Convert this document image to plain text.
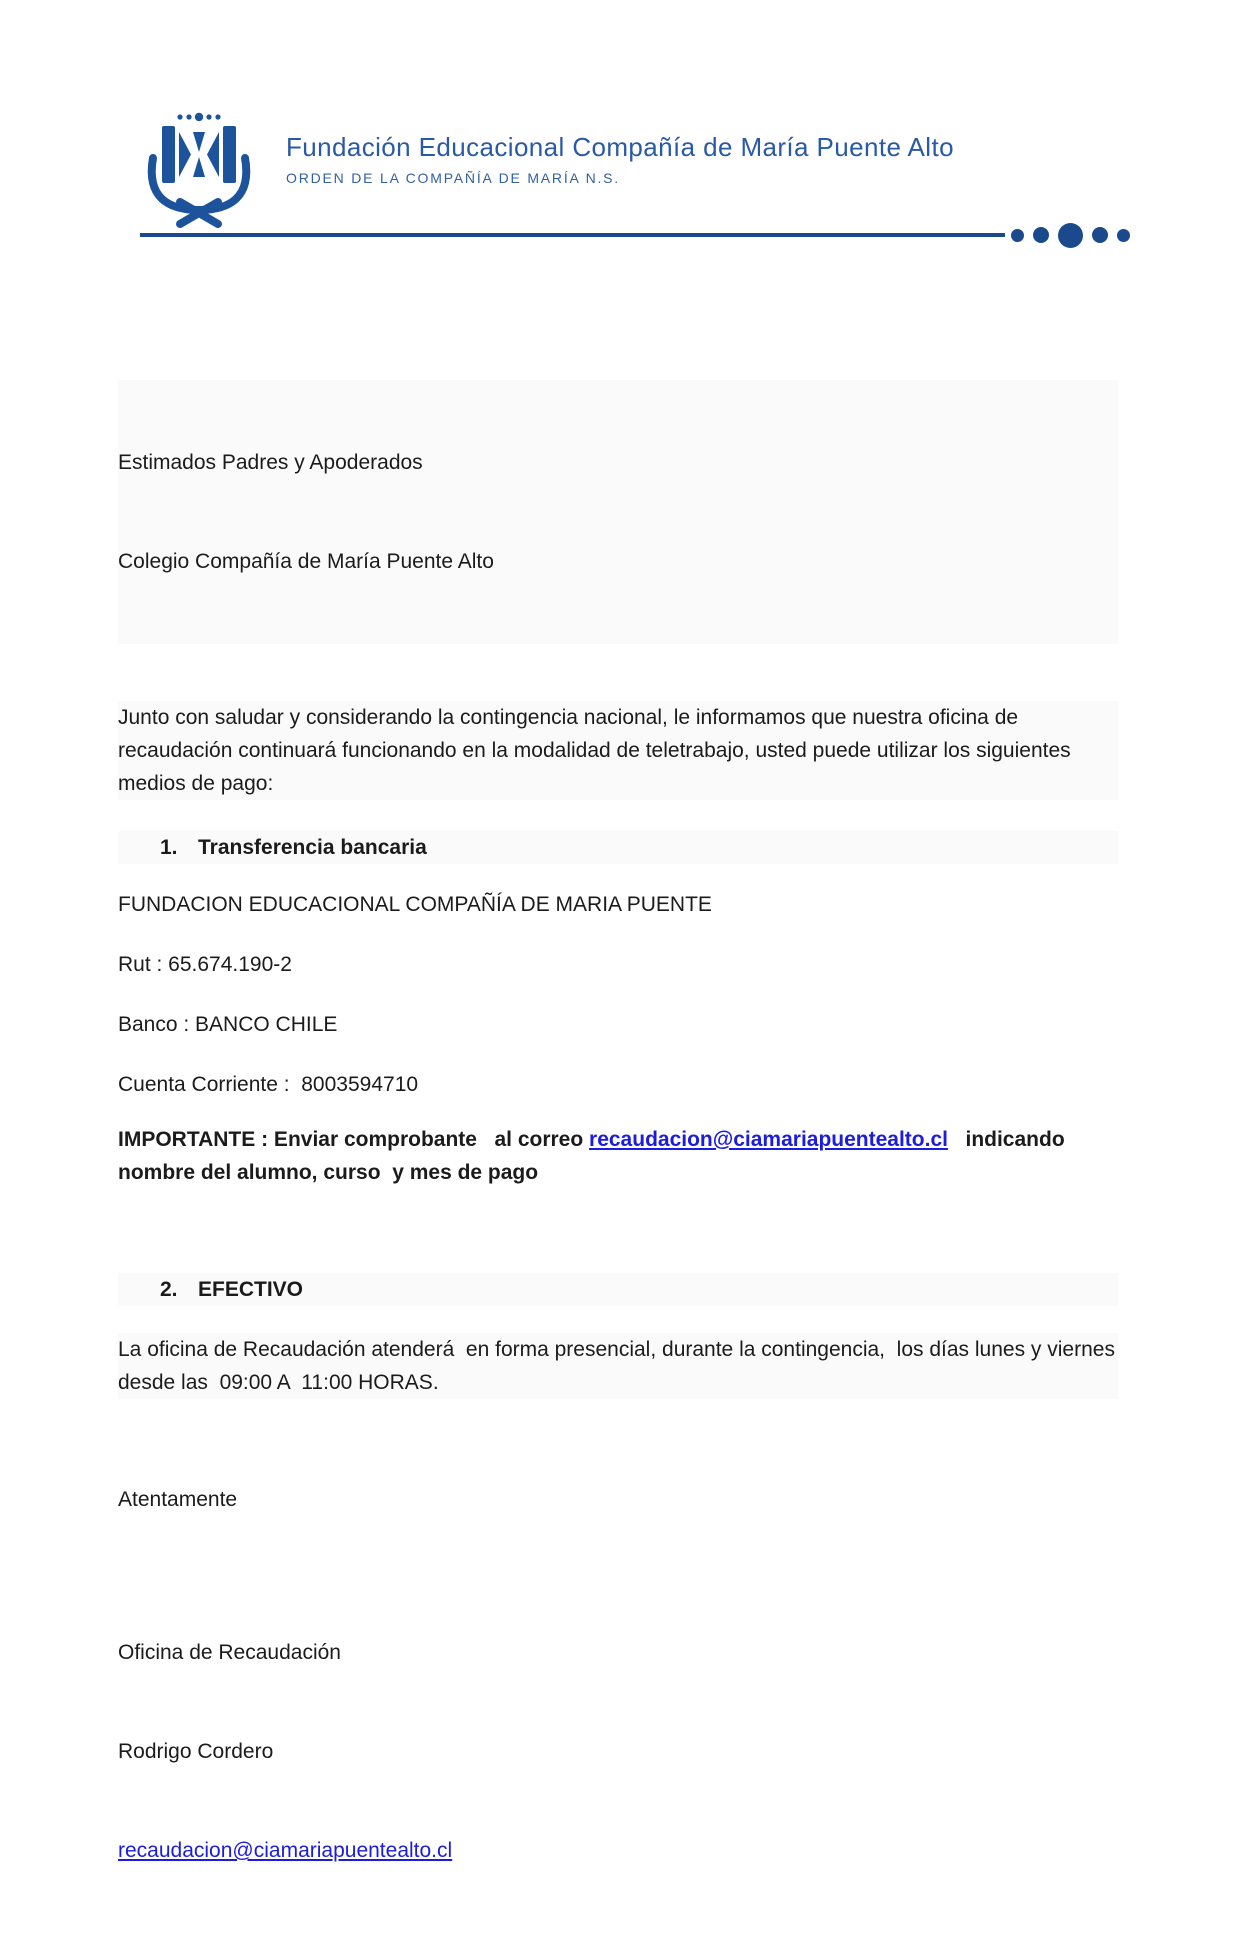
Fundación Educacional Compañía de María Puente Alto
ORDEN DE LA COMPAÑÍA DE MARÍA N.S.

Estimados Padres y Apoderados

Colegio Compañía de María Puente Alto

Junto con saludar y considerando la contingencia nacional, le informamos que nuestra oficina de recaudación continuará funcionando en la modalidad de teletrabajo, usted puede utilizar los siguientes medios de pago:

1. Transferencia bancaria

FUNDACION EDUCACIONAL COMPAÑÍA DE MARIA PUENTE

Rut : 65.674.190-2

Banco : BANCO CHILE

Cuenta Corriente :  8003594710

IMPORTANTE : Enviar comprobante   al correo recaudacion@ciamariapuentealto.cl   indicando nombre del alumno, curso  y mes de pago

2. EFECTIVO

La oficina de Recaudación atenderá  en forma presencial, durante la contingencia,  los días lunes y viernes  desde las  09:00 A  11:00 HORAS.

Atentamente

Oficina de Recaudación

Rodrigo Cordero

recaudacion@ciamariapuentealto.cl
